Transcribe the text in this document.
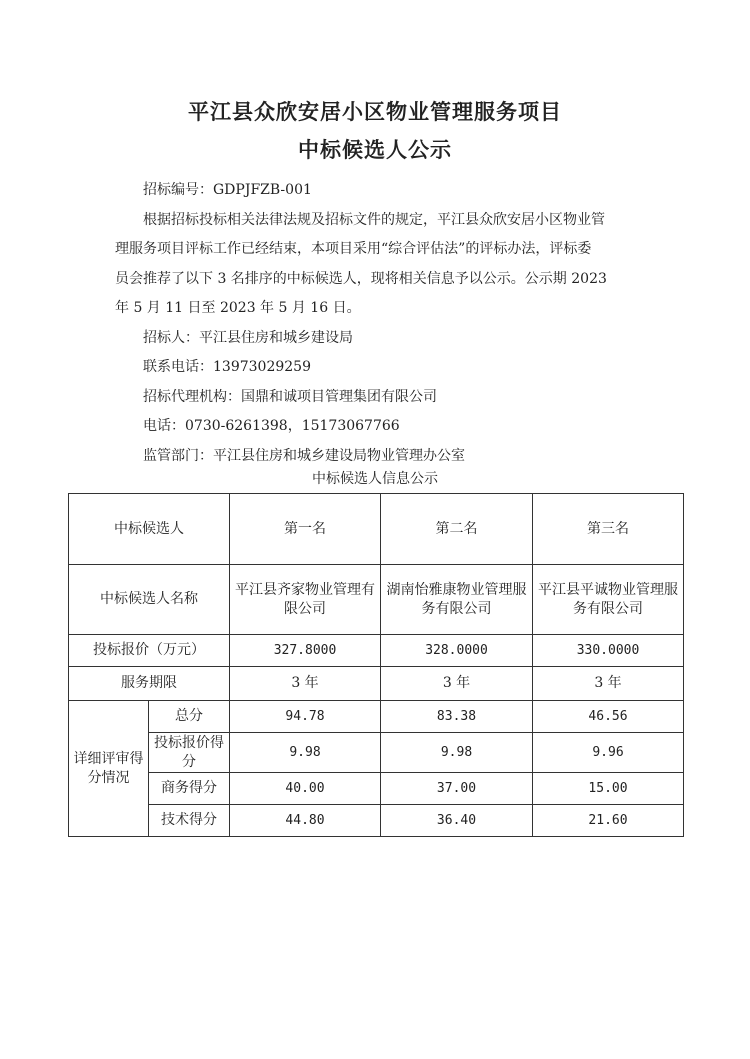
平江县众欣安居小区物业管理服务项目
中标候选人公示

招标编号：GDPJFZB-001

根据招标投标相关法律法规及招标文件的规定，平江县众欣安居小区物业管

理服务项目评标工作已经结束，本项目采用“综合评估法”的评标办法，评标委

员会推荐了以下 3 名排序的中标候选人，现将相关信息予以公示。公示期 2023

年 5 月 11 日至 2023 年 5 月 16 日。

招标人：平江县住房和城乡建设局

联系电话：13973029259

招标代理机构：国鼎和诚项目管理集团有限公司

电话：0730-6261398，15173067766

监管部门：平江县住房和城乡建设局物业管理办公室

中标候选人信息公示
中标候选人		第一名	第二名	第三名
中标候选人名称		平江县齐家物业管理有限公司	湖南怡雅康物业管理服务有限公司	平江县平诚物业管理服务有限公司
投标报价（万元）		327.8000	328.0000	330.0000
服务期限		3 年	3 年	3 年
详细评审得分情况	总分	94.78	83.38	46.56
	投标报价得分	9.98	9.98	9.96
	商务得分	40.00	37.00	15.00
	技术得分	44.80	36.40	21.60
